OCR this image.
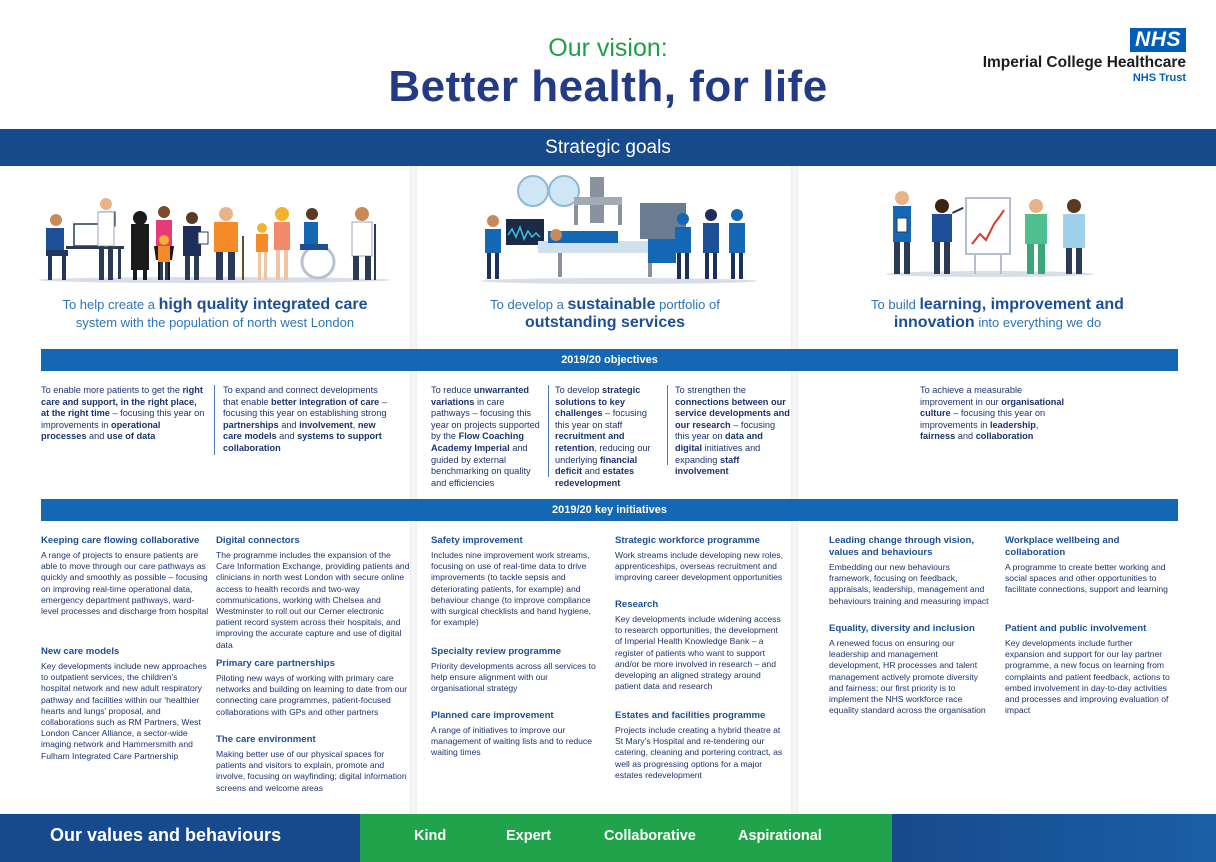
Our vision:
Better health, for life
NHS
Imperial College Healthcare
NHS Trust
Strategic goals
To help create a high quality integrated care
system with the population of north west London
To develop a sustainable portfolio of
outstanding services
To build learning, improvement and
innovation into everything we do
2019/20 objectives
To enable more patients to get the right care and support, in the right place, at the right time – focusing this year on improvements in operational processes and use of data
To expand and connect developments that enable better integration of care – focusing this year on establishing strong partnerships and involvement, new care models and systems to support collaboration
To reduce unwarranted variations in care pathways – focusing this year on projects supported by the Flow Coaching Academy Imperial and guided by external benchmarking on quality and efficiencies
To develop strategic solutions to key challenges – focusing this year on staff recruitment and retention, reducing our underlying financial deficit and estates redevelopment
To strengthen the connections between our service developments and our research – focusing this year on data and digital initiatives and expanding staff involvement
To achieve a measurable improvement in our organisational culture – focusing this year on improvements in leadership, fairness and collaboration
2019/20 key initiatives
Keeping care flowing collaborative
A range of projects to ensure patients are able to move through our care pathways as quickly and smoothly as possible – focusing on improving real-time operational data, emergency department pathways, ward-level processes and discharge from hospital
New care models
Key developments include new approaches to outpatient services, the children’s hospital network and new adult respiratory pathway and facilities within our ‘healthier hearts and lungs’ proposal, and collaborations such as RM Partners, West London Cancer Alliance, a sector-wide imaging network and Hammersmith and Fulham Integrated Care Partnership
Digital connectors
The programme includes the expansion of the Care Information Exchange, providing patients and clinicians in north west London with secure online access to health records and two-way communications, working with Chelsea and Westminster to roll out our Cerner electronic patient record system across their hospitals, and improving the accurate capture and use of digital data
Primary care partnerships
Piloting new ways of working with primary care networks and building on learning to date from our connecting care programmes, patient-focused collaborations with GPs and other partners
The care environment
Making better use of our physical spaces for patients and visitors to explain, promote and involve, focusing on wayfinding; digital information screens and welcome areas
Safety improvement
Includes nine improvement work streams, focusing on use of real-time data to drive improvements (to tackle sepsis and deteriorating patients, for example) and behaviour change (to improve compliance with surgical checklists and hand hygiene, for example)
Specialty review programme
Priority developments across all services to help ensure alignment with our organisational strategy
Planned care improvement
A range of initiatives to improve our management of waiting lists and to reduce waiting times
Strategic workforce programme
Work streams include developing new roles, apprenticeships, overseas recruitment and improving career development opportunities
Research
Key developments include widening access to research opportunities, the development of Imperial Health Knowledge Bank – a register of patients who want to support and/or be more involved in research – and developing an aligned strategy around patient data and research
Estates and facilities programme
Projects include creating a hybrid theatre at St Mary’s Hospital and re-tendering our catering, cleaning and portering contract, as well as progressing options for a major estates redevelopment
Leading change through vision, values and behaviours
Embedding our new behaviours framework, focusing on feedback, appraisals, leadership, management and behaviours training and measuring impact
Equality, diversity and inclusion
A renewed focus on ensuring our leadership and management development, HR processes and talent management actively promote diversity and fairness; our first priority is to implement the NHS workforce race equality standard across the organisation
Workplace wellbeing and collaboration
A programme to create better working and social spaces and other opportunities to facilitate connections, support and learning
Patient and public involvement
Key developments include further expansion and support for our lay partner programme, a new focus on learning from complaints and patient feedback, actions to embed involvement in day-to-day activities and processes and improving evaluation of impact
Our values and behaviours	Kind	Expert	Collaborative	Aspirational
